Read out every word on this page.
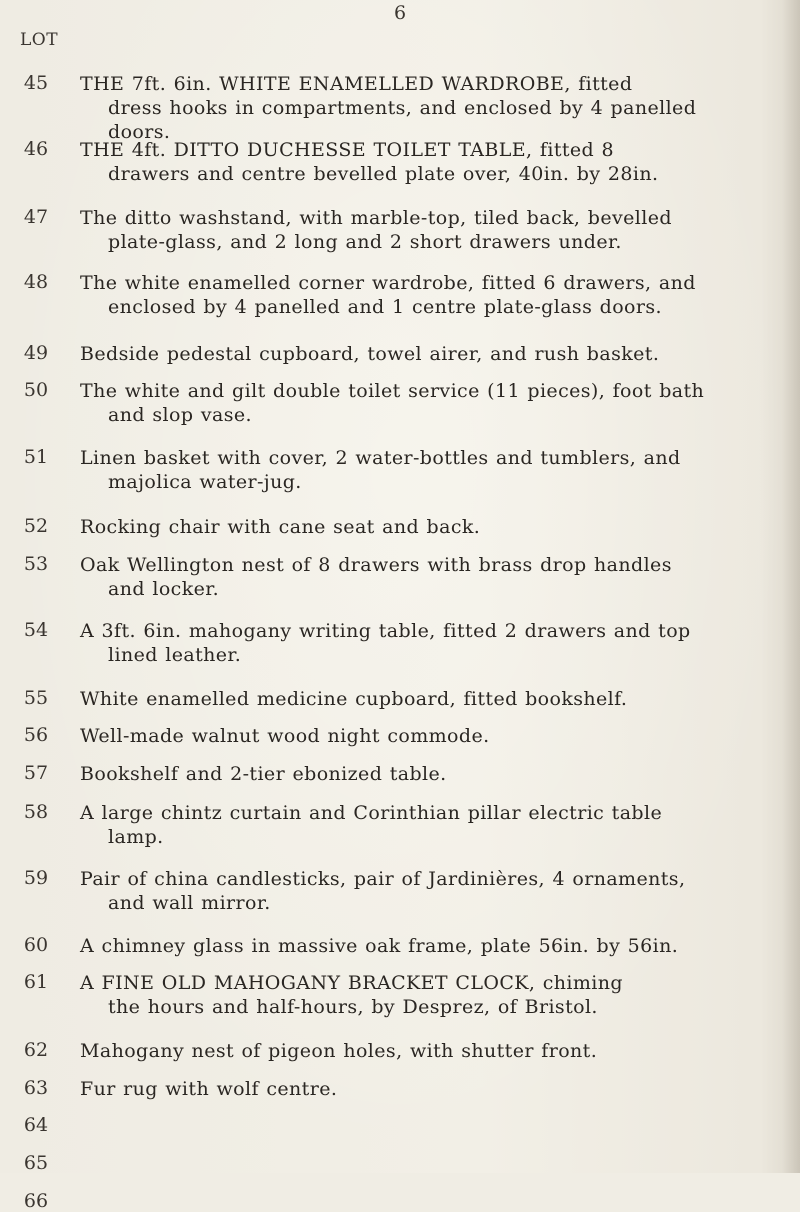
6
LOT
45	THE 7ft. 6in. WHITE ENAMELLED WARDROBE, fitted
dress hooks in compartments, and enclosed by 4 panelled
doors.
46	THE 4ft. DITTO DUCHESSE TOILET TABLE, fitted 8
drawers and centre bevelled plate over, 40in. by 28in.
47	The ditto washstand, with marble-top, tiled back, bevelled
plate-glass, and 2 long and 2 short drawers under.
48	The white enamelled corner wardrobe, fitted 6 drawers, and
enclosed by 4 panelled and 1 centre plate-glass doors.
49	Bedside pedestal cupboard, towel airer, and rush basket.
50	The white and gilt double toilet service (11 pieces), foot bath
and slop vase.
51	Linen basket with cover, 2 water-bottles and tumblers, and
majolica water-jug.
52	Rocking chair with cane seat and back.
53	Oak Wellington nest of 8 drawers with brass drop handles
and locker.
54	A 3ft. 6in. mahogany writing table, fitted 2 drawers and top
lined leather.
55	White enamelled medicine cupboard, fitted bookshelf.
56	Well-made walnut wood night commode.
57	Bookshelf and 2-tier ebonized table.
58	A large chintz curtain and Corinthian pillar electric table
lamp.
59	Pair of china candlesticks, pair of Jardinières, 4 ornaments,
and wall mirror.
60	A chimney glass in massive oak frame, plate 56in. by 56in.
61	A FINE OLD MAHOGANY BRACKET CLOCK, chiming
the hours and half-hours, by Desprez, of Bristol.
62	Mahogany nest of pigeon holes, with shutter front.
63	Fur rug with wolf centre.
64
65
66
